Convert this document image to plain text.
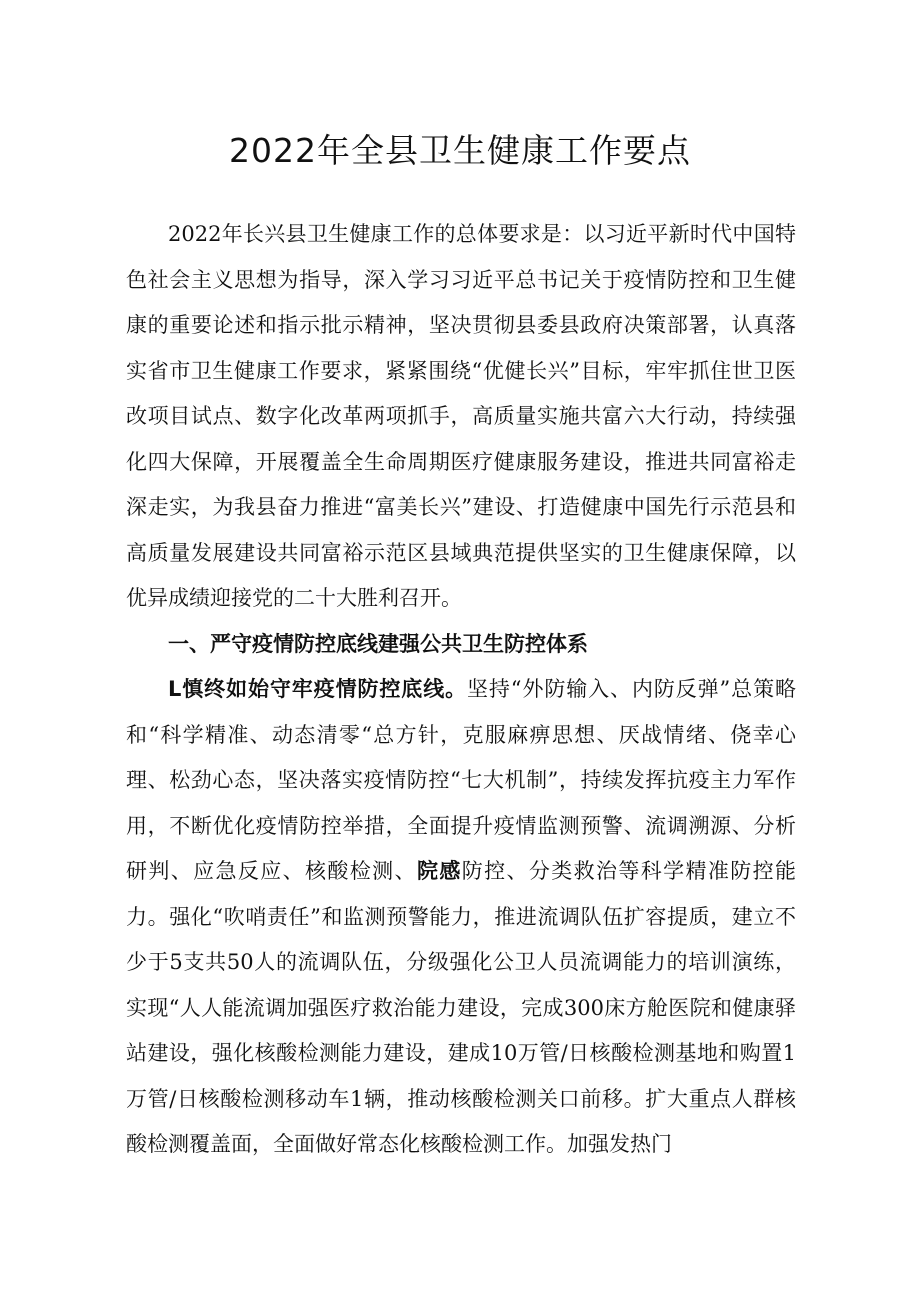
2022年全县卫生健康工作要点

2022年长兴县卫生健康工作的总体要求是：以习近平新时代中国特色社会主义思想为指导，深入学习习近平总书记关于疫情防控和卫生健康的重要论述和指示批示精神，坚决贯彻县委县政府决策部署，认真落实省市卫生健康工作要求，紧紧围绕“优健长兴”目标，牢牢抓住世卫医改项目试点、数字化改革两项抓手，高质量实施共富六大行动，持续强化四大保障，开展覆盖全生命周期医疗健康服务建设，推进共同富裕走深走实，为我县奋力推进“富美长兴”建设、打造健康中国先行示范县和高质量发展建设共同富裕示范区县域典范提供坚实的卫生健康保障，以优异成绩迎接党的二十大胜利召开。

一、严守疫情防控底线建强公共卫生防控体系

L慎终如始守牢疫情防控底线。坚持“外防输入、内防反弹”总策略和“科学精准、动态清零“总方针，克服麻痹思想、厌战情绪、侥幸心理、松劲心态，坚决落实疫情防控“七大机制”，持续发挥抗疫主力军作用，不断优化疫情防控举措，全面提升疫情监测预警、流调溯源、分析研判、应急反应、核酸检测、院感防控、分类救治等科学精准防控能力。强化“吹哨责任”和监测预警能力，推进流调队伍扩容提质，建立不少于5支共50人的流调队伍，分级强化公卫人员流调能力的培训演练，实现“人人能流调加强医疗救治能力建设，完成300床方舱医院和健康驿站建设，强化核酸检测能力建设，建成10万管/日核酸检测基地和购置1万管/日核酸检测移动车1辆，推动核酸检测关口前移。扩大重点人群核酸检测覆盖面，全面做好常态化核酸检测工作。加强发热门
